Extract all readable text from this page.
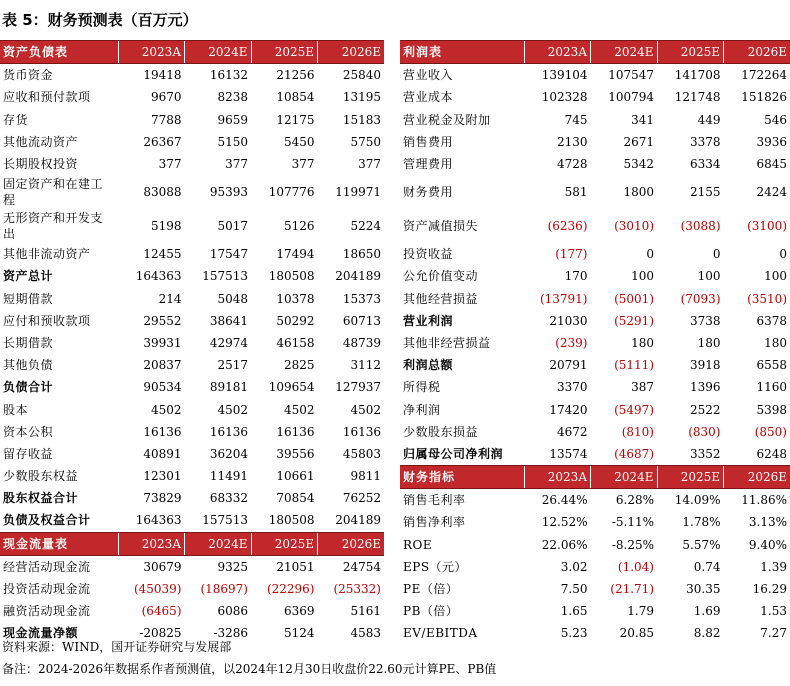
表 5：财务预测表（百万元）
资产负债表	2023A	2024E	2025E	2026E
货币资金	19418	16132	21256	25840
应收和预付款项	9670	8238	10854	13195
存货	7788	9659	12175	15183
其他流动资产	26367	5150	5450	5750
长期股权投资	377	377	377	377
固定资产和在建工程	83088	95393	107776	119971
无形资产和开发支出	5198	5017	5126	5224
其他非流动资产	12455	17547	17494	18650
资产总计	164363	157513	180508	204189
短期借款	214	5048	10378	15373
应付和预收款项	29552	38641	50292	60713
长期借款	39931	42974	46158	48739
其他负债	20837	2517	2825	3112
负债合计	90534	89181	109654	127937
股本	4502	4502	4502	4502
资本公积	16136	16136	16136	16136
留存收益	40891	36204	39556	45803
少数股东权益	12301	11491	10661	9811
股东权益合计	73829	68332	70854	76252
负债及权益合计	164363	157513	180508	204189
现金流量表	2023A	2024E	2025E	2026E
经营活动现金流	30679	9325	21051	24754
投资活动现金流	(45039)	(18697)	(22296)	(25332)
融资活动现金流	(6465)	6086	6369	5161
现金流量净额	-20825	-3286	5124	4583
利润表	2023A	2024E	2025E	2026E
营业收入	139104	107547	141708	172264
营业成本	102328	100794	121748	151826
营业税金及附加	745	341	449	546
销售费用	2130	2671	3378	3936
管理费用	4728	5342	6334	6845
财务费用	581	1800	2155	2424
资产减值损失	(6236)	(3010)	(3088)	(3100)
投资收益	(177)	0	0	0
公允价值变动	170	100	100	100
其他经营损益	(13791)	(5001)	(7093)	(3510)
营业利润	21030	(5291)	3738	6378
其他非经营损益	(239)	180	180	180
利润总额	20791	(5111)	3918	6558
所得税	3370	387	1396	1160
净利润	17420	(5497)	2522	5398
少数股东损益	4672	(810)	(830)	(850)
归属母公司净利润	13574	(4687)	3352	6248
财务指标	2023A	2024E	2025E	2026E
销售毛利率	26.44%	6.28%	14.09%	11.86%
销售净利率	12.52%	-5.11%	1.78%	3.13%
ROE	22.06%	-8.25%	5.57%	9.40%
EPS（元）	3.02	(1.04)	0.74	1.39
PE（倍）	7.50	(21.71)	30.35	16.29
PB（倍）	1.65	1.79	1.69	1.53
EV/EBITDA	5.23	20.85	8.82	7.27
资料来源：WIND，国开证券研究与发展部
备注：2024-2026年数据系作者预测值，以2024年12月30日收盘价22.60元计算PE、PB值
